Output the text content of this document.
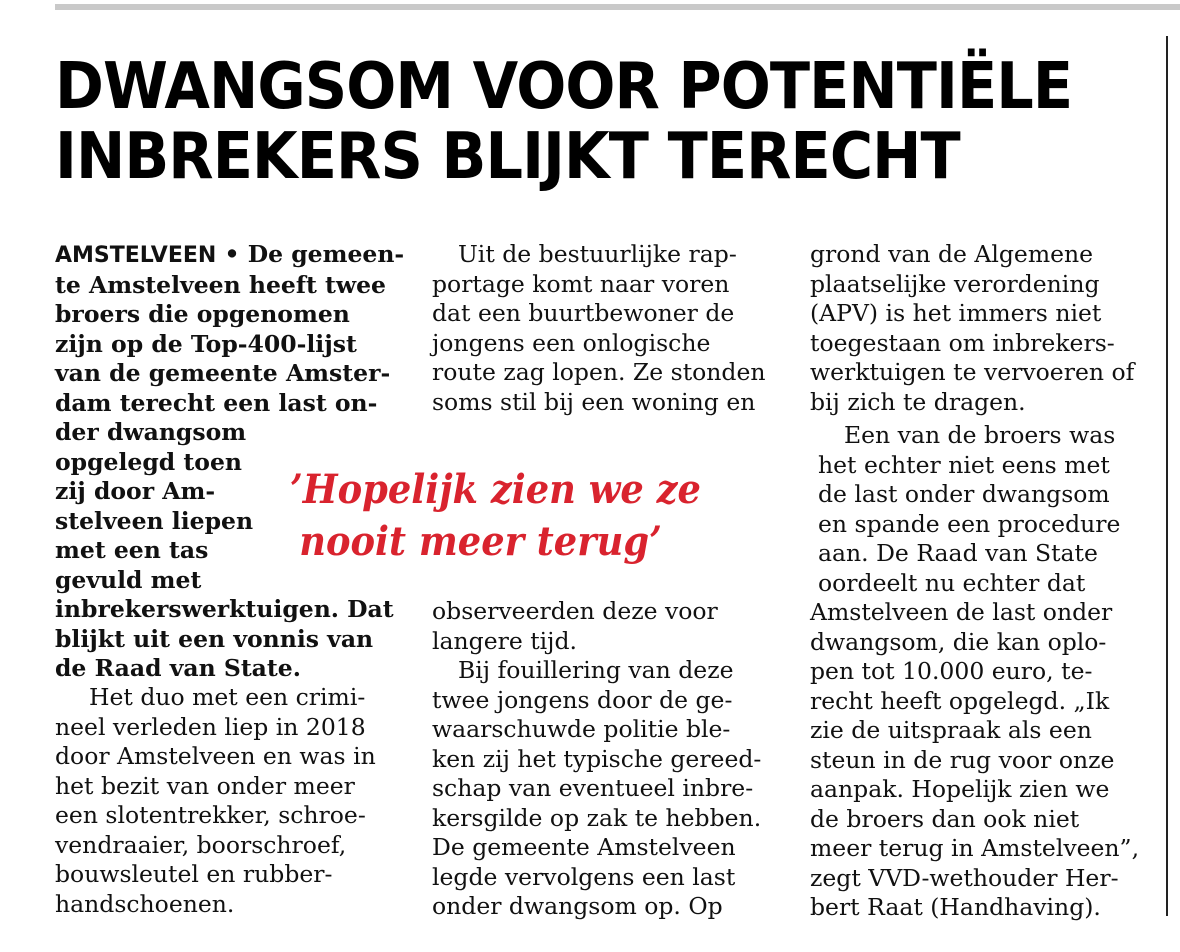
DWANGSOM VOOR POTENTIËLE
INBREKERS BLIJKT TERECHT
AMSTELVEEN • De gemeen-
te Amstelveen heeft twee
broers die opgenomen
zijn op de Top-400-lijst
van de gemeente Amster-
dam terecht een last on-
der dwangsom
opgelegd toen
zij door Am-
stelveen liepen
met een tas
gevuld met
inbrekerswerktuigen. Dat
blijkt uit een vonnis van
de Raad van State.
Het duo met een crimi-
neel verleden liep in 2018
door Amstelveen en was in
het bezit van onder meer
een slotentrekker, schroe-
vendraaier, boorschroef,
bouwsleutel en rubber-
handschoenen.
Uit de bestuurlijke rap-
portage komt naar voren
dat een buurtbewoner de
jongens een onlogische
route zag lopen. Ze stonden
soms stil bij een woning en
’Hopelijk zien we ze
nooit meer terug’
observeerden deze voor
langere tijd.
Bij fouillering van deze
twee jongens door de ge-
waarschuwde politie ble-
ken zij het typische gereed-
schap van eventueel inbre-
kersgilde op zak te hebben.
De gemeente Amstelveen
legde vervolgens een last
onder dwangsom op. Op
grond van de Algemene
plaatselijke verordening
(APV) is het immers niet
toegestaan om inbrekers-
werktuigen te vervoeren of
bij zich te dragen.
Een van de broers was
het echter niet eens met
de last onder dwangsom
en spande een procedure
aan. De Raad van State
oordeelt nu echter dat
Amstelveen de last onder
dwangsom, die kan oplo-
pen tot 10.000 euro, te-
recht heeft opgelegd. „Ik
zie de uitspraak als een
steun in de rug voor onze
aanpak. Hopelijk zien we
de broers dan ook niet
meer terug in Amstelveen”,
zegt VVD-wethouder Her-
bert Raat (Handhaving).
